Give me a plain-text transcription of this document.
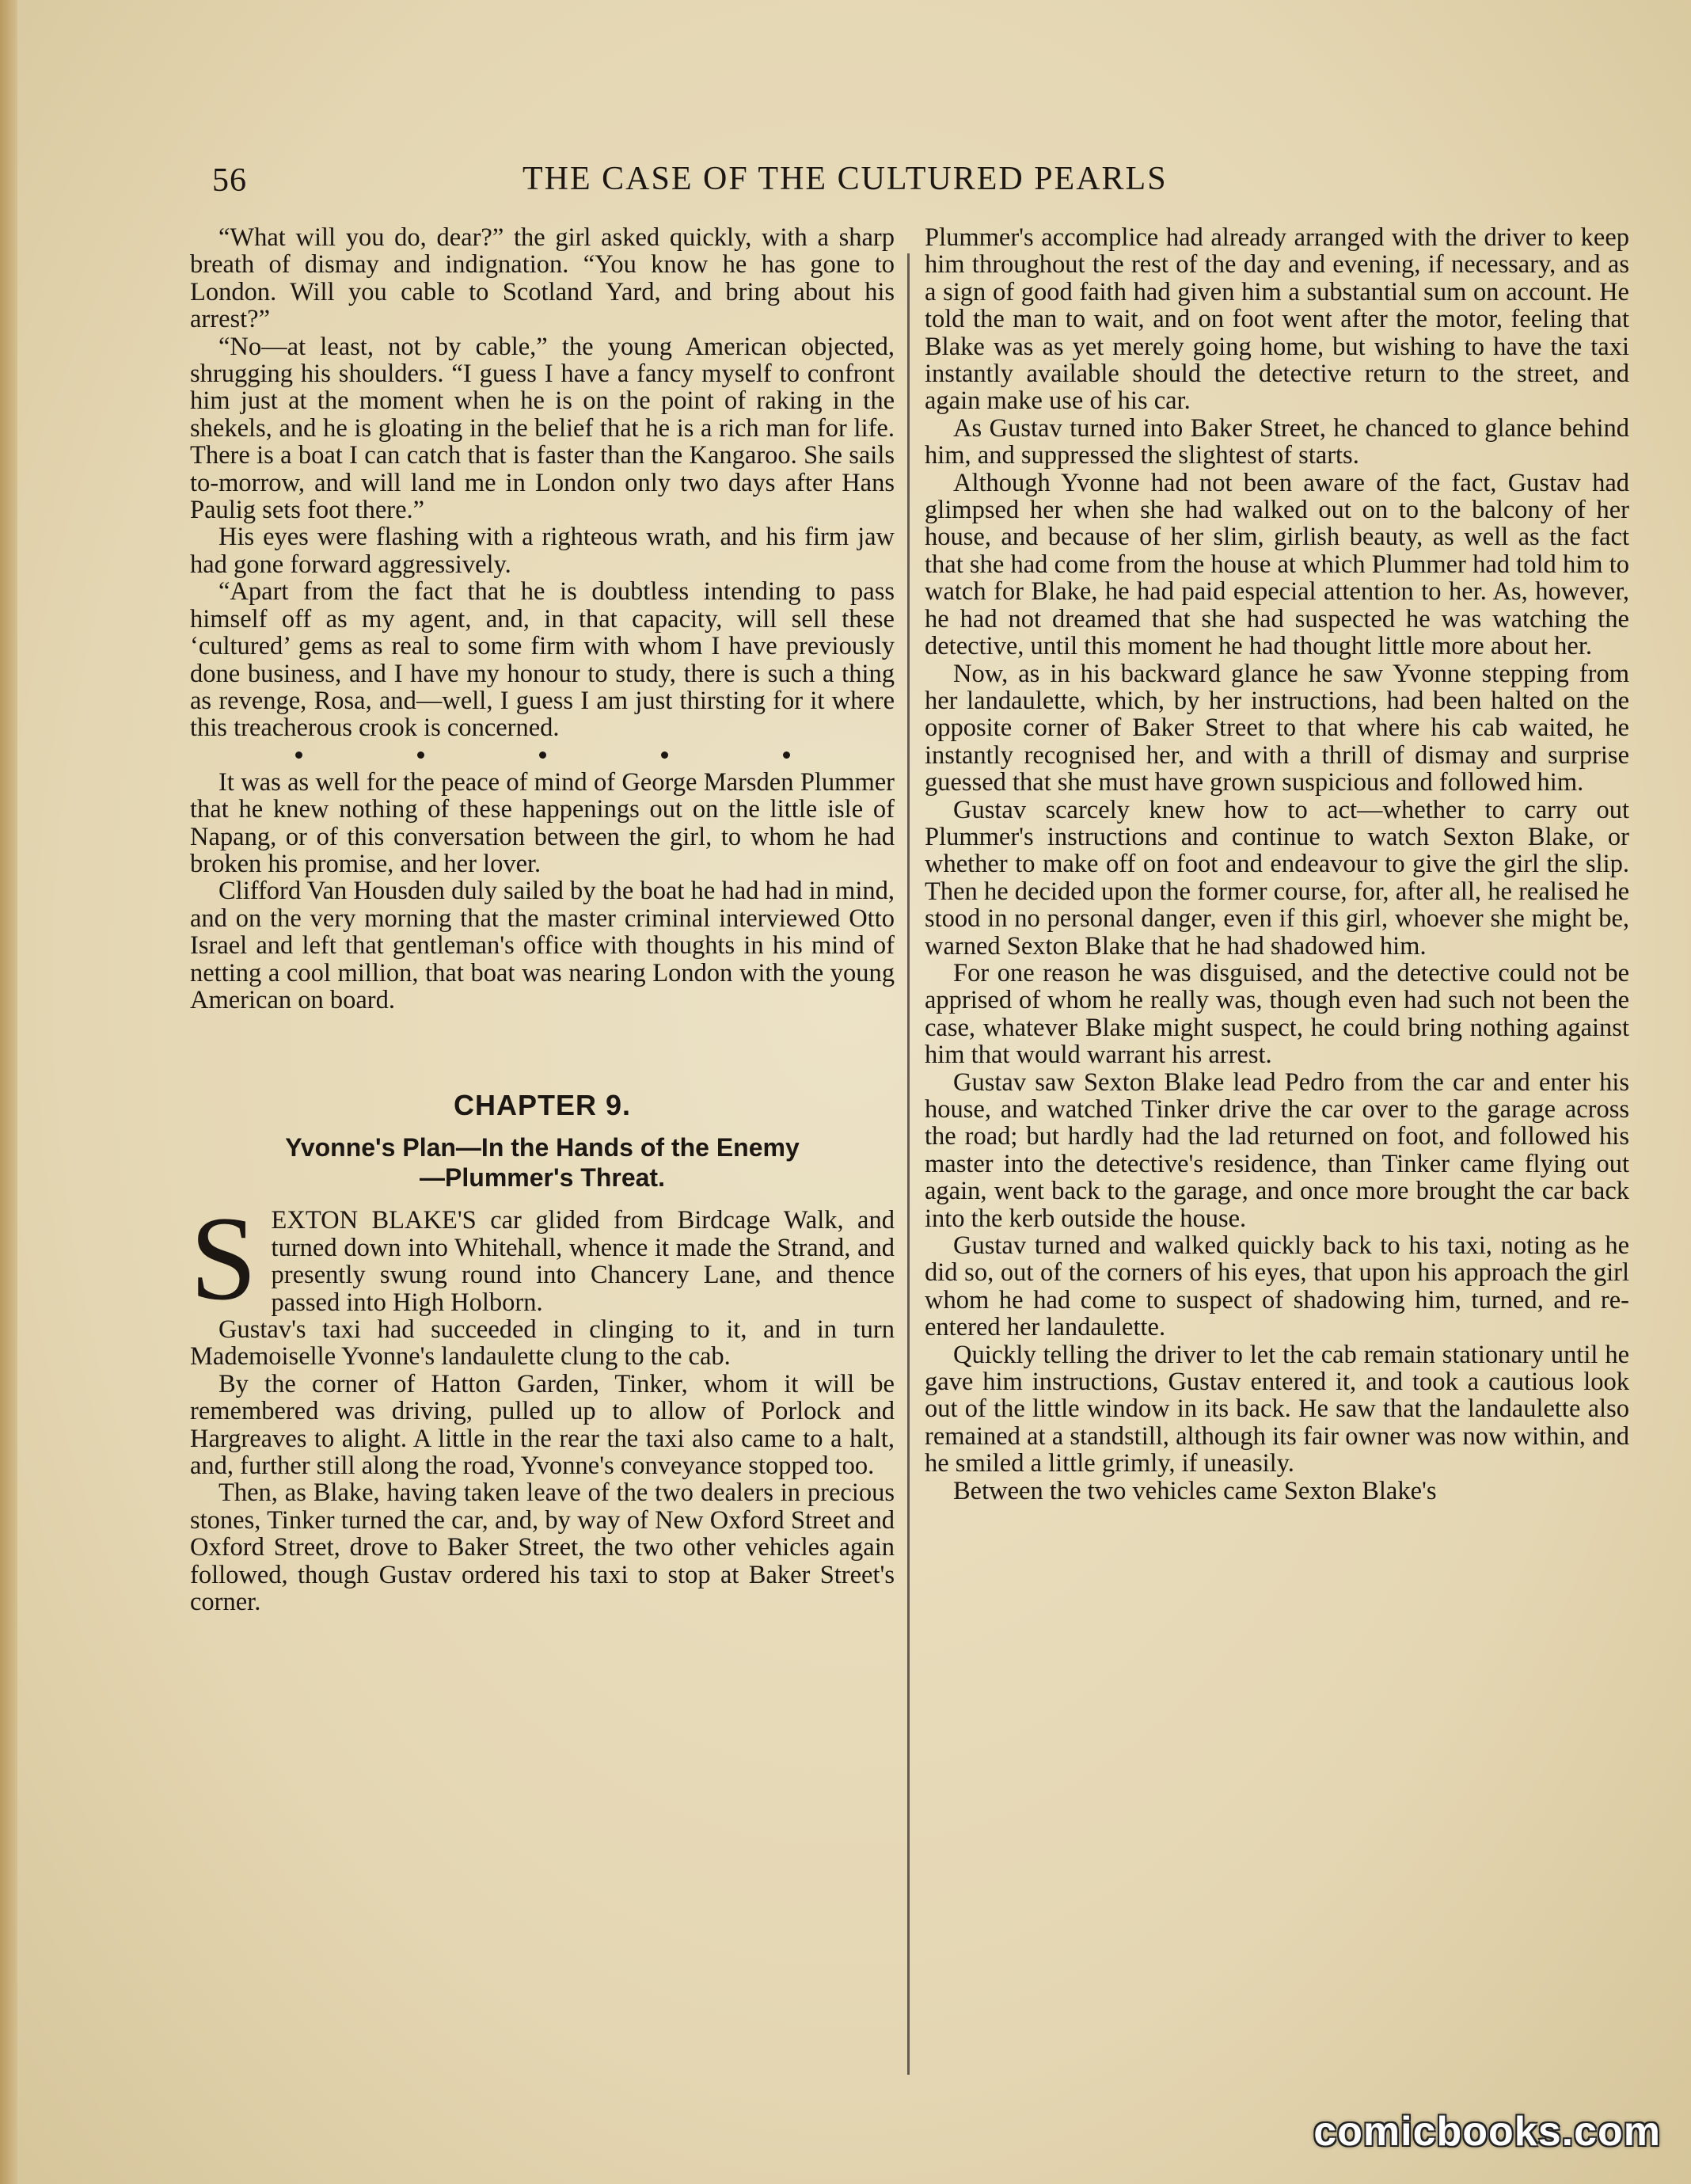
56	THE CASE OF THE CULTURED PEARLS

“What will you do, dear?” the girl asked quickly, with a sharp breath of dismay and indignation. “You know he has gone to London. Will you cable to Scotland Yard, and bring about his arrest?”

“No—at least, not by cable,” the young American objected, shrugging his shoulders. “I guess I have a fancy myself to confront him just at the moment when he is on the point of raking in the shekels, and he is gloating in the belief that he is a rich man for life. There is a boat I can catch that is faster than the Kangaroo. She sails to-morrow, and will land me in London only two days after Hans Paulig sets foot there.”

His eyes were flashing with a righteous wrath, and his firm jaw had gone forward aggressively.

“Apart from the fact that he is doubtless intending to pass himself off as my agent, and, in that capacity, will sell these ‘cultured’ gems as real to some firm with whom I have previously done business, and I have my honour to study, there is such a thing as revenge, Rosa, and—well, I guess I am just thirsting for it where this treacherous crook is concerned.

It was as well for the peace of mind of George Marsden Plummer that he knew nothing of these happenings out on the little isle of Napang, or of this conversation between the girl, to whom he had broken his promise, and her lover.

Clifford Van Housden duly sailed by the boat he had had in mind, and on the very morning that the master criminal interviewed Otto Israel and left that gentleman's office with thoughts in his mind of netting a cool million, that boat was nearing London with the young American on board.

CHAPTER 9.
Yvonne's Plan—In the Hands of the Enemy
—Plummer's Threat.

SEXTON BLAKE'S car glided from Birdcage Walk, and turned down into Whitehall, whence it made the Strand, and presently swung round into Chancery Lane, and thence passed into High Holborn.

Gustav's taxi had succeeded in clinging to it, and in turn Mademoiselle Yvonne's landaulette clung to the cab.

By the corner of Hatton Garden, Tinker, whom it will be remembered was driving, pulled up to allow of Porlock and Hargreaves to alight. A little in the rear the taxi also came to a halt, and, further still along the road, Yvonne's conveyance stopped too.

Then, as Blake, having taken leave of the two dealers in precious stones, Tinker turned the car, and, by way of New Oxford Street and Oxford Street, drove to Baker Street, the two other vehicles again followed, though Gustav ordered his taxi to stop at Baker Street's corner.

Plummer's accomplice had already arranged with the driver to keep him throughout the rest of the day and evening, if necessary, and as a sign of good faith had given him a substantial sum on account. He told the man to wait, and on foot went after the motor, feeling that Blake was as yet merely going home, but wishing to have the taxi instantly available should the detective return to the street, and again make use of his car.

As Gustav turned into Baker Street, he chanced to glance behind him, and suppressed the slightest of starts.

Although Yvonne had not been aware of the fact, Gustav had glimpsed her when she had walked out on to the balcony of her house, and because of her slim, girlish beauty, as well as the fact that she had come from the house at which Plummer had told him to watch for Blake, he had paid especial attention to her. As, however, he had not dreamed that she had suspected he was watching the detective, until this moment he had thought little more about her.

Now, as in his backward glance he saw Yvonne stepping from her landaulette, which, by her instructions, had been halted on the opposite corner of Baker Street to that where his cab waited, he instantly recognised her, and with a thrill of dismay and surprise guessed that she must have grown suspicious and followed him.

Gustav scarcely knew how to act—whether to carry out Plummer's instructions and continue to watch Sexton Blake, or whether to make off on foot and endeavour to give the girl the slip. Then he decided upon the former course, for, after all, he realised he stood in no personal danger, even if this girl, whoever she might be, warned Sexton Blake that he had shadowed him.

For one reason he was disguised, and the detective could not be apprised of whom he really was, though even had such not been the case, whatever Blake might suspect, he could bring nothing against him that would warrant his arrest.

Gustav saw Sexton Blake lead Pedro from the car and enter his house, and watched Tinker drive the car over to the garage across the road; but hardly had the lad returned on foot, and followed his master into the detective's residence, than Tinker came flying out again, went back to the garage, and once more brought the car back into the kerb outside the house.

Gustav turned and walked quickly back to his taxi, noting as he did so, out of the corners of his eyes, that upon his approach the girl whom he had come to suspect of shadowing him, turned, and re-entered her landaulette.

Quickly telling the driver to let the cab remain stationary until he gave him instructions, Gustav entered it, and took a cautious look out of the little window in its back. He saw that the landaulette also remained at a standstill, although its fair owner was now within, and he smiled a little grimly, if uneasily.

Between the two vehicles came Sexton Blake's

comicbooks.com
